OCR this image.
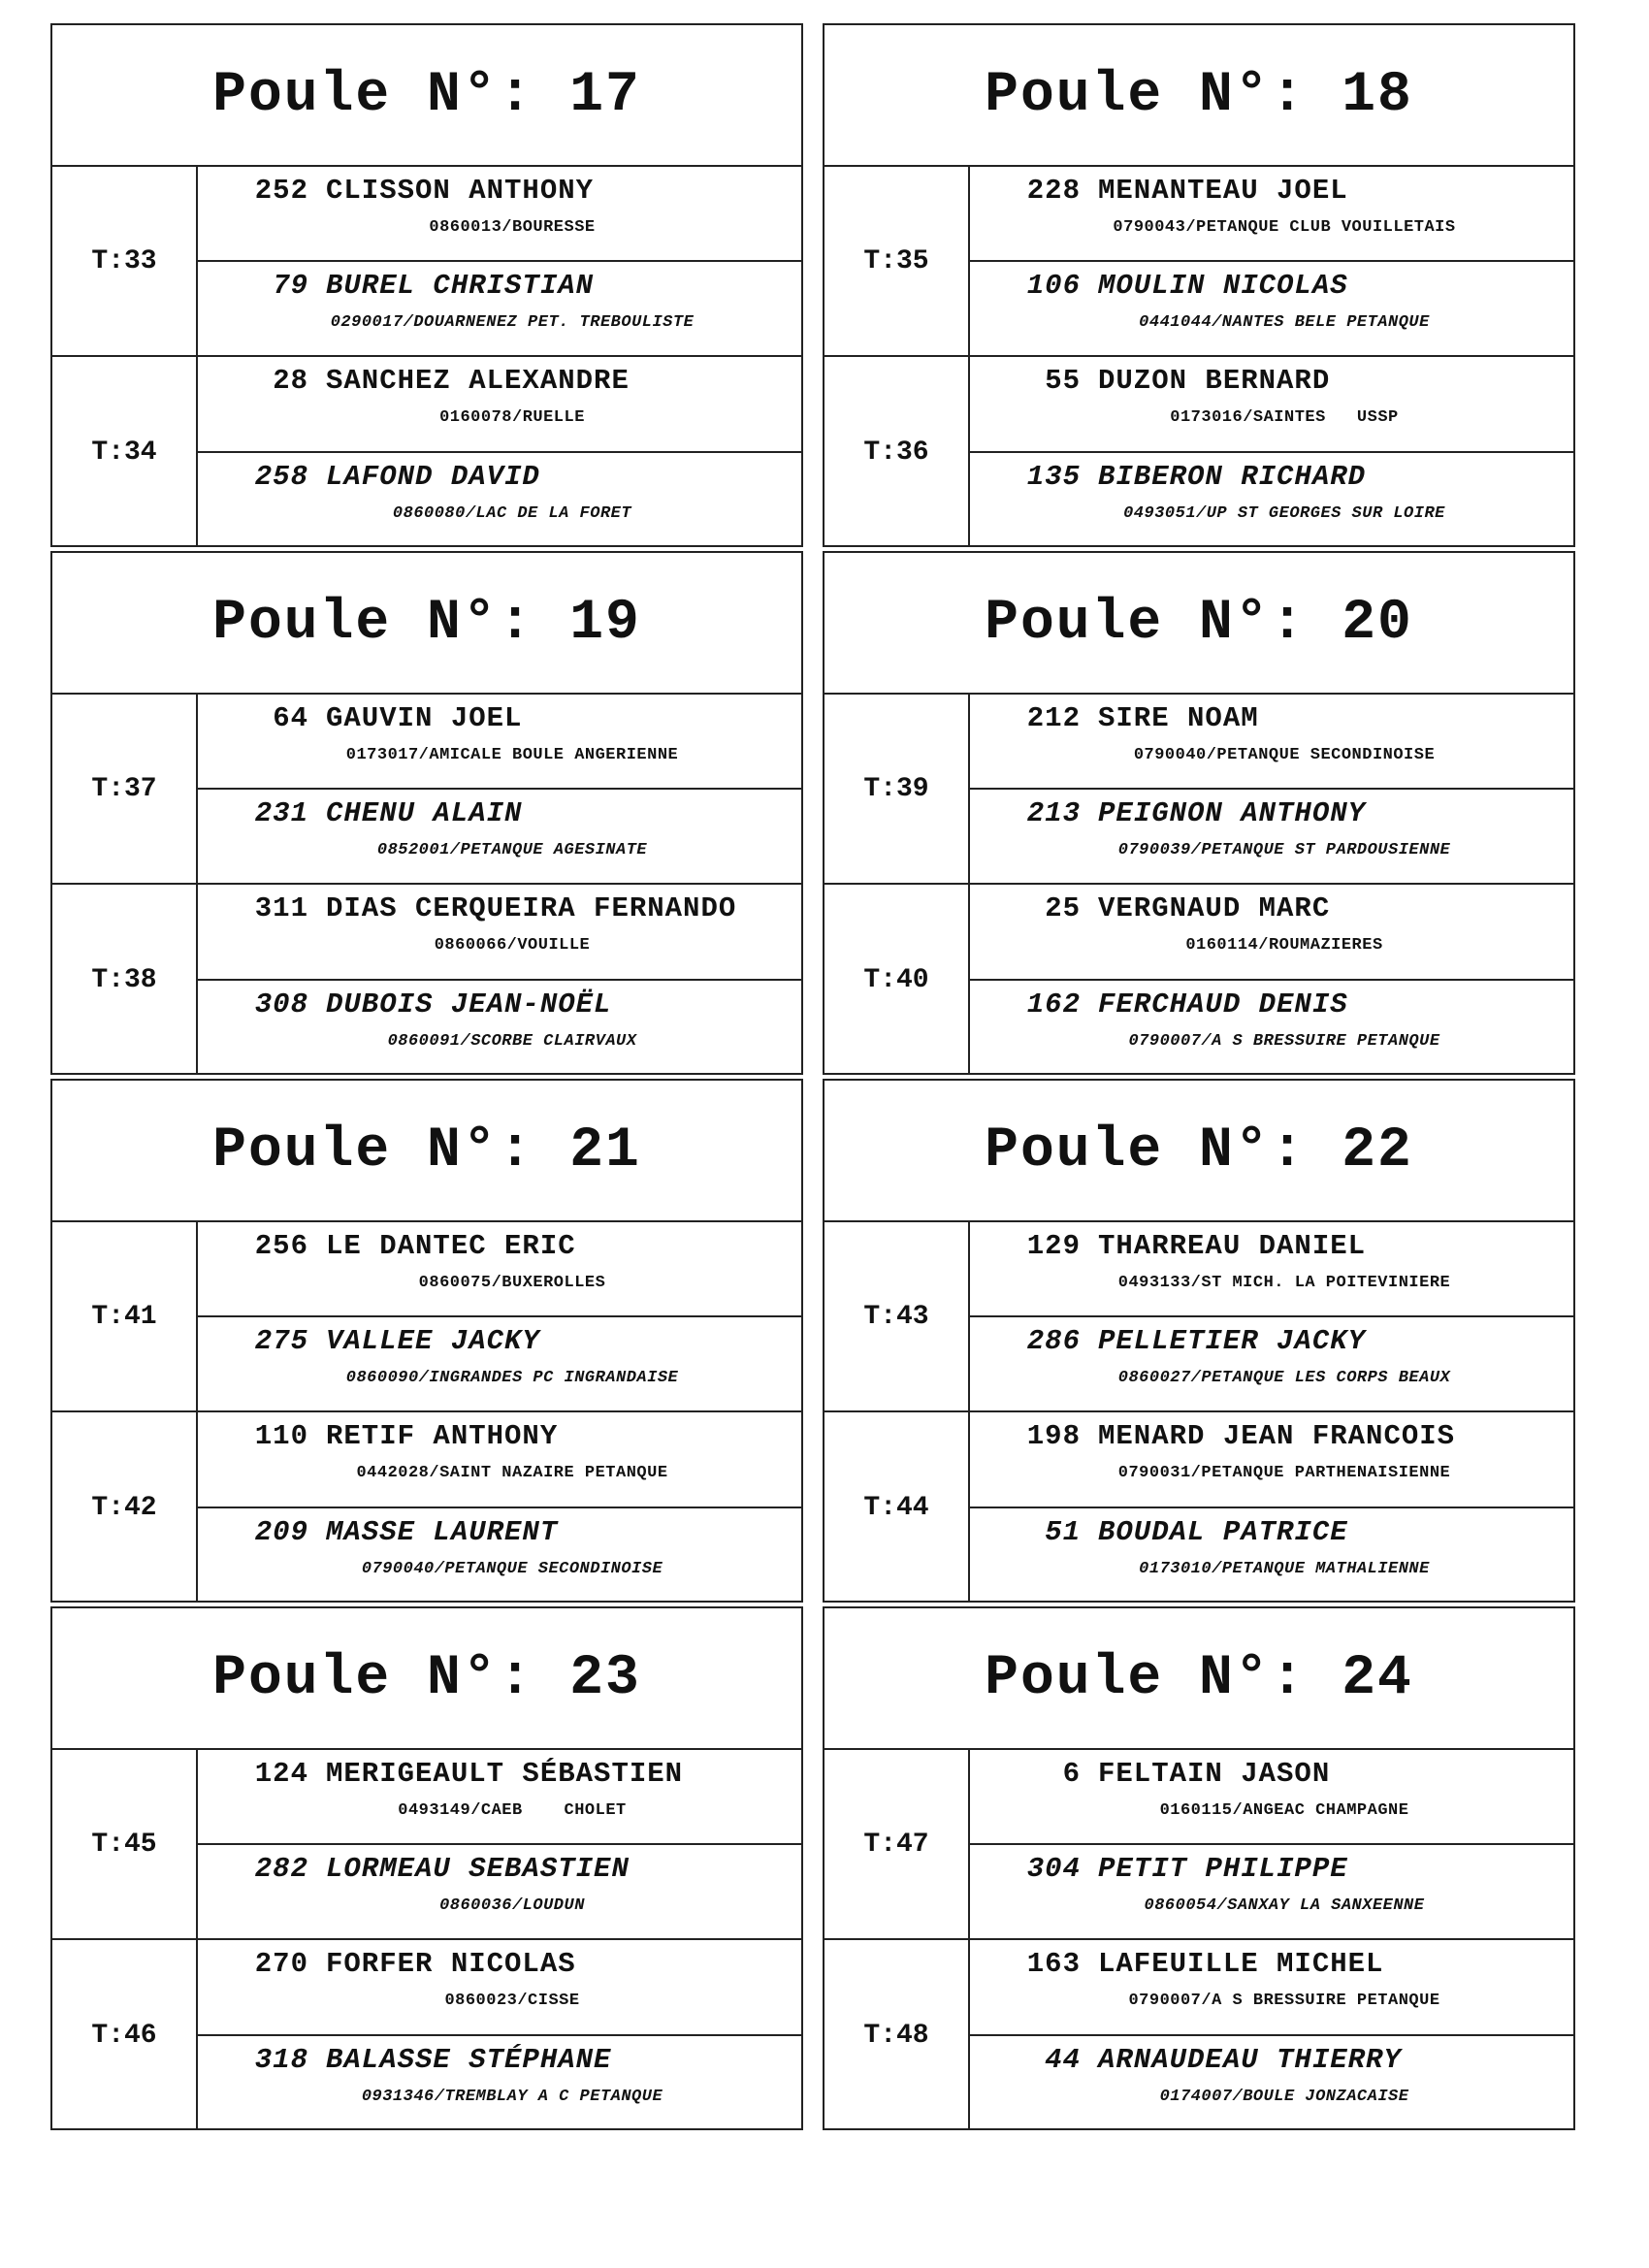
Poule N°: 17
T:33
252 CLISSON ANTHONY
0860013/BOURESSE
79 BUREL CHRISTIAN
0290017/DOUARNENEZ PET. TREBOULISTE
T:34
28 SANCHEZ ALEXANDRE
0160078/RUELLE
258 LAFOND DAVID
0860080/LAC DE LA FORET
Poule N°: 18
T:35
228 MENANTEAU JOEL
0790043/PETANQUE CLUB VOUILLETAIS
106 MOULIN NICOLAS
0441044/NANTES BELE PETANQUE
T:36
55 DUZON BERNARD
0173016/SAINTES   USSP
135 BIBERON RICHARD
0493051/UP ST GEORGES SUR LOIRE
Poule N°: 19
T:37
64 GAUVIN JOEL
0173017/AMICALE BOULE ANGERIENNE
231 CHENU ALAIN
0852001/PETANQUE AGESINATE
T:38
311 DIAS CERQUEIRA FERNANDO
0860066/VOUILLE
308 DUBOIS JEAN-NOËL
0860091/SCORBE CLAIRVAUX
Poule N°: 20
T:39
212 SIRE NOAM
0790040/PETANQUE SECONDINOISE
213 PEIGNON ANTHONY
0790039/PETANQUE ST PARDOUSIENNE
T:40
25 VERGNAUD MARC
0160114/ROUMAZIERES
162 FERCHAUD DENIS
0790007/A S BRESSUIRE PETANQUE
Poule N°: 21
T:41
256 LE DANTEC ERIC
0860075/BUXEROLLES
275 VALLEE JACKY
0860090/INGRANDES PC INGRANDAISE
T:42
110 RETIF ANTHONY
0442028/SAINT NAZAIRE PETANQUE
209 MASSE LAURENT
0790040/PETANQUE SECONDINOISE
Poule N°: 22
T:43
129 THARREAU DANIEL
0493133/ST MICH. LA POITEVINIERE
286 PELLETIER JACKY
0860027/PETANQUE LES CORPS BEAUX
T:44
198 MENARD JEAN FRANCOIS
0790031/PETANQUE PARTHENAISIENNE
51 BOUDAL PATRICE
0173010/PETANQUE MATHALIENNE
Poule N°: 23
T:45
124 MERIGEAULT SÉBASTIEN
0493149/CAEB    CHOLET
282 LORMEAU SEBASTIEN
0860036/LOUDUN
T:46
270 FORFER NICOLAS
0860023/CISSE
318 BALASSE STÉPHANE
0931346/TREMBLAY A C PETANQUE
Poule N°: 24
T:47
6 FELTAIN JASON
0160115/ANGEAC CHAMPAGNE
304 PETIT PHILIPPE
0860054/SANXAY LA SANXEENNE
T:48
163 LAFEUILLE MICHEL
0790007/A S BRESSUIRE PETANQUE
44 ARNAUDEAU THIERRY
0174007/BOULE JONZACAISE
